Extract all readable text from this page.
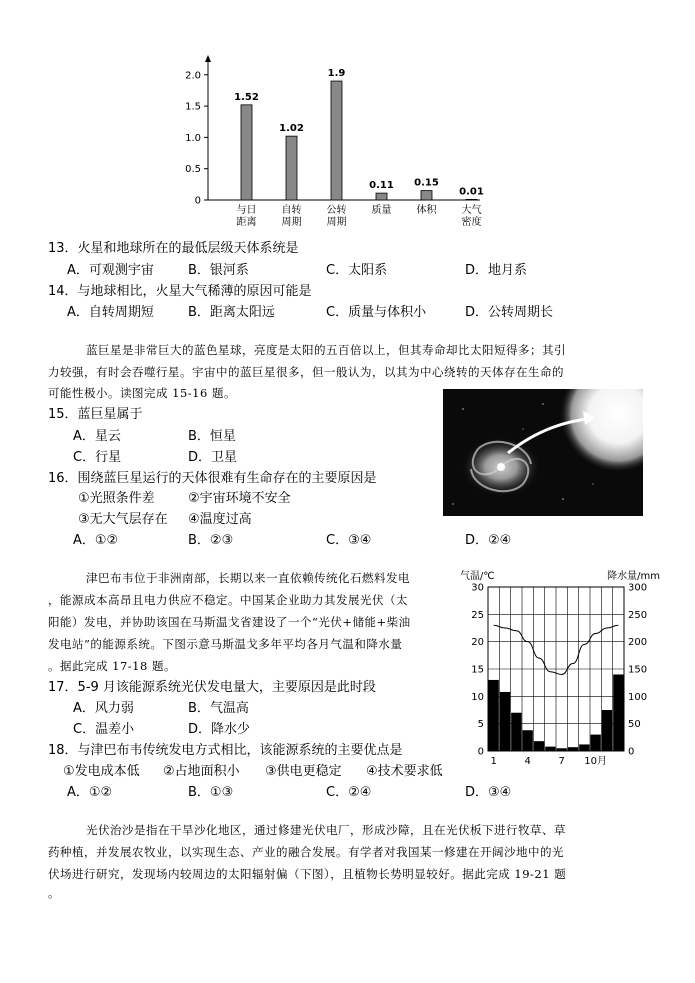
0
0.5
1.0
1.5
2.0
1.52
与日
距离
1.02
自转
周期
1.9
公转
周期
0.11
质量
0.15
体积
0.01
大气
密度
13．火星和地球所在的最低层级天体系统是
A．可观测宇宙	B．银河系	C．太阳系	D．地月系
14．与地球相比，火星大气稀薄的原因可能是
A．自转周期短	B．距离太阳远	C．质量与体积小	D．公转周期长
蓝巨星是非常巨大的蓝色星球，亮度是太阳的五百倍以上，但其寿命却比太阳短得多；其引
力较强，有时会吞噬行星。宇宙中的蓝巨星很多，但一般认为，以其为中心绕转的天体存在生命的
可能性极小。读图完成 15-16 题。
15．蓝巨星属于
A．星云	B．恒星
C．行星	D．卫星
16．围绕蓝巨星运行的天体很难有生命存在的主要原因是
①光照条件差	②宇宙环境不安全
③无大气层存在 ④温度过高
A．①②	B．②③	C．③④	D．②④
津巴布韦位于非洲南部，长期以来一直依赖传统化石燃料发电
，能源成本高昂且电力供应不稳定。中国某企业助力其发展光伏（太
阳能）发电，并协助该国在马斯温戈省建设了一个“光伏+储能+柴油
发电站”的能源系统。下图示意马斯温戈多年平均各月气温和降水量
。据此完成 17-18 题。
气温/℃	降水量/mm
0
5
10
15
20
25
30
0
50
100
150
200
250
300
1	4	7 10月
17．5-9 月该能源系统光伏发电量大，主要原因是此时段
A．风力弱	B．气温高
C．温差小	D．降水少
18．与津巴布韦传统发电方式相比，该能源系统的主要优点是
①发电成本低 ②占地面积小 ③供电更稳定 ④技术要求低
A．①②	B．①③	C．②④	D．③④
光伏治沙是指在干旱沙化地区，通过修建光伏电厂，形成沙障，且在光伏板下进行牧草、草
药种植，并发展农牧业，以实现生态、产业的融合发展。有学者对我国某一修建在开阔沙地中的光
伏场进行研究，发现场内较周边的太阳辐射偏（下图），且植物长势明显较好。据此完成 19-21 题
。
